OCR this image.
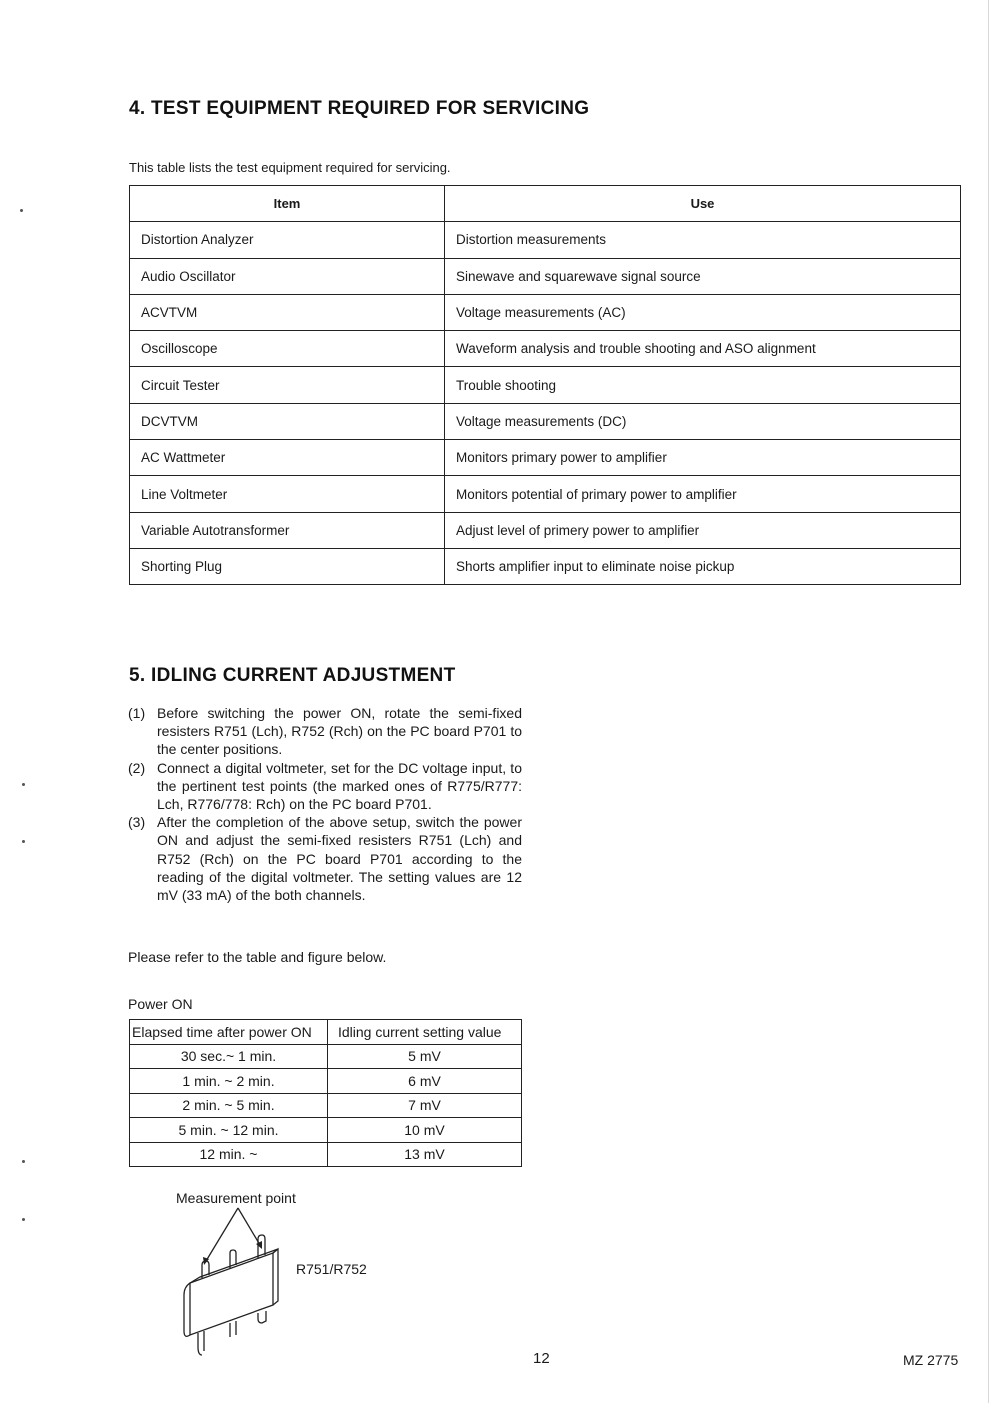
4. TEST EQUIPMENT REQUIRED FOR SERVICING
This table lists the test equipment required for servicing.
Item	Use
Distortion Analyzer	Distortion measurements
Audio Oscillator	Sinewave and squarewave signal source
ACVTVM	Voltage measurements (AC)
Oscilloscope	Waveform analysis and trouble shooting and ASO alignment
Circuit Tester	Trouble shooting
DCVTVM	Voltage measurements (DC)
AC Wattmeter	Monitors primary power to amplifier
Line Voltmeter	Monitors potential of primary power to amplifier
Variable Autotransformer	Adjust level of primery power to amplifier
Shorting Plug	Shorts amplifier input to eliminate noise pickup
5. IDLING CURRENT ADJUSTMENT
(1) Before switching the power ON, rotate the semi-fixed resisters R751 (Lch), R752 (Rch) on the PC board P701 to the center positions.
(2) Connect a digital voltmeter, set for the DC voltage input, to the pertinent test points (the marked ones of R775/R777: Lch, R776/778: Rch) on the PC board P701.
(3) After the completion of the above setup, switch the power ON and adjust the semi-fixed resisters R751 (Lch) and R752 (Rch) on the PC board P701 according to the reading of the digital voltmeter. The setting values are 12 mV (33 mA) of the both channels.
Please refer to the table and figure below.
Power ON
Elapsed time after power ON	Idling current setting value
30 sec.~ 1 min.	5 mV
1 min. ~ 2 min.	6 mV
2 min. ~ 5 min.	7 mV
5 min. ~ 12 min.	10 mV
12 min. ~	13 mV
Measurement point
R751/R752
12	MZ 2775
